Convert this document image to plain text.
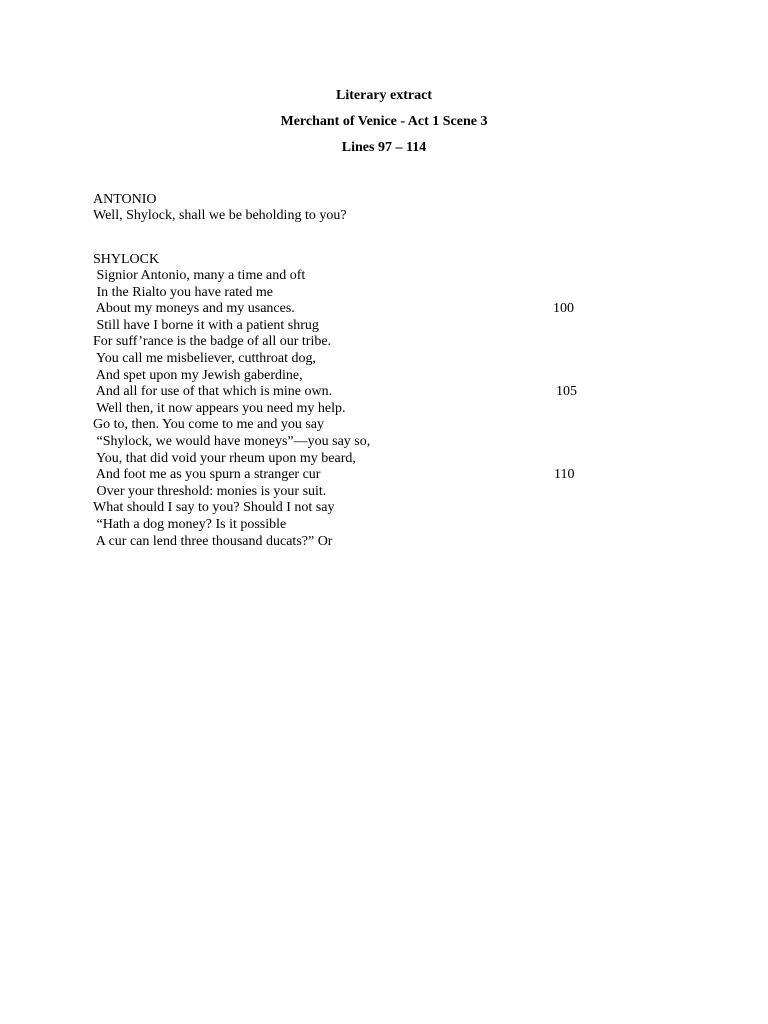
Literary extract
Merchant of Venice - Act 1 Scene 3
Lines 97 – 114
ANTONIO

Well, Shylock, shall we be beholding to you?

SHYLOCK

Signior Antonio, many a time and oft

In the Rialto you have rated me

About my moneys and my usances.

	100

Still have I borne it with a patient shrug

For suff’rance is the badge of all our tribe.

You call me misbeliever, cutthroat dog,

And spet upon my Jewish gaberdine,

And all for use of that which is mine own.

	105

Well then, it now appears you need my help.

Go to, then. You come to me and you say

“Shylock, we would have moneys”—you say so,

You, that did void your rheum upon my beard,

And foot me as you spurn a stranger cur

	110

Over your threshold: monies is your suit.

What should I say to you? Should I not say

“Hath a dog money? Is it possible

A cur can lend three thousand ducats?” Or
